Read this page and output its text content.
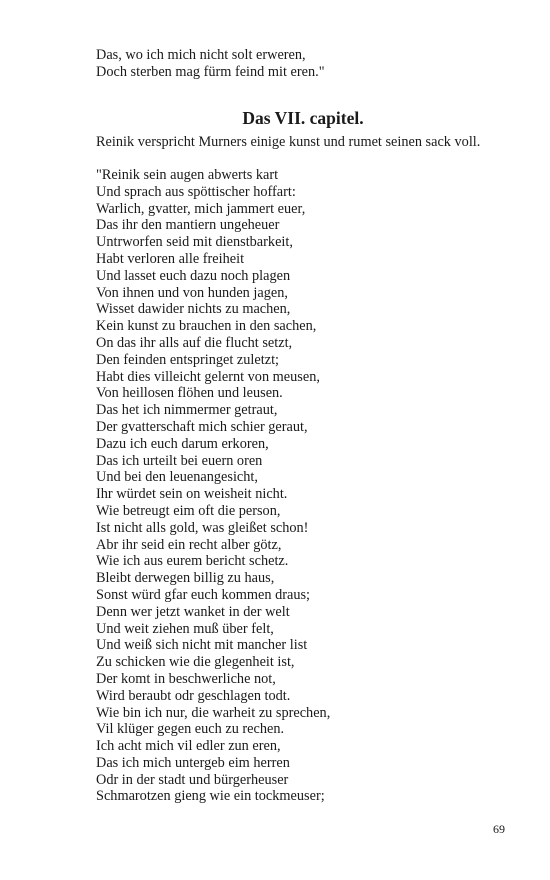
Das, wo ich mich nicht solt erweren,
Doch sterben mag fürm feind mit eren."
Das VII. capitel.
Reinik verspricht Murners einige kunst und rumet seinen sack voll.
"Reinik sein augen abwerts kart
Und sprach aus spöttischer hoffart:
Warlich, gvatter, mich jammert euer,
Das ihr den mantiern ungeheuer
Untrworfen seid mit dienstbarkeit,
Habt verloren alle freiheit
Und lasset euch dazu noch plagen
Von ihnen und von hunden jagen,
Wisset dawider nichts zu machen,
Kein kunst zu brauchen in den sachen,
On das ihr alls auf die flucht setzt,
Den feinden entspringet zuletzt;
Habt dies villeicht gelernt von meusen,
Von heillosen flöhen und leusen.
Das het ich nimmermer getraut,
Der gvatterschaft mich schier geraut,
Dazu ich euch darum erkoren,
Das ich urteilt bei euern oren
Und bei den leuenangesicht,
Ihr würdet sein on weisheit nicht.
Wie betreugt eim oft die person,
Ist nicht alls gold, was gleißet schon!
Abr ihr seid ein recht alber götz,
Wie ich aus eurem bericht schetz.
Bleibt derwegen billig zu haus,
Sonst würd gfar euch kommen draus;
Denn wer jetzt wanket in der welt
Und weit ziehen muß über felt,
Und weiß sich nicht mit mancher list
Zu schicken wie die glegenheit ist,
Der komt in beschwerliche not,
Wird beraubt odr geschlagen todt.
Wie bin ich nur, die warheit zu sprechen,
Vil klüger gegen euch zu rechen.
Ich acht mich vil edler zun eren,
Das ich mich untergeb eim herren
Odr in der stadt und bürgerheuser
Schmarotzen gieng wie ein tockmeuser;
69
